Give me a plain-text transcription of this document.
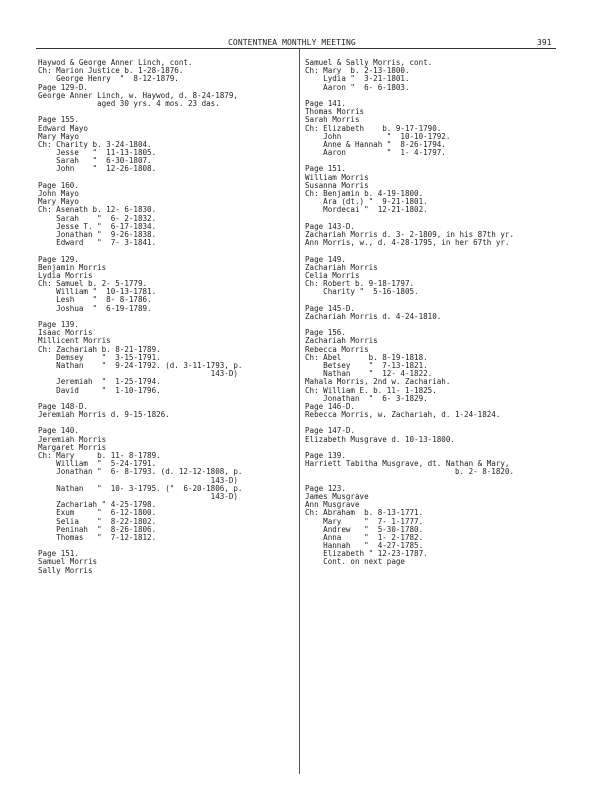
CONTENTNEA MONTHLY MEETING	391
Haywod & George Anner Linch, cont.
Ch: Marion Justice b. 1-28-1876.
George Henry  "  8-12-1879.
Page 129-D.
George Anner Linch, w. Haywod, d. 8-24-1879,
aged 30 yrs. 4 mos. 23 das.
Page 155.
Edward Mayo
Mary Mayo
Ch: Charity b. 3-24-1804.
Jesse   "  11-13-1805.
Sarah   "  6-30-1807.
John    "  12-26-1808.
Page 160.
John Mayo
Mary Mayo
Ch: Asenath b. 12- 6-1830.
Sarah    "  6- 2-1832.
Jesse T. "  6-17-1834.
Jonathan "  9-26-1838.
Edward   "  7- 3-1841.
Page 129.
Benjamin Morris
Lydia Morris
Ch: Samuel b. 2- 5-1779.
William "  10-13-1781.
Lesh    "  8- 8-1786.
Joshua  "  6-19-1789.
Page 139.
Isaac Morris
Millicent Morris
Ch: Zachariah b. 8-21-1789.
Demsey    "  3-15-1791.
Nathan    "  9-24-1792. (d. 3-11-1793, p.
143-D)
Jeremiah  "  1-25-1794.
David     "  1-10-1796.
Page 148-D.
Jeremiah Morris d. 9-15-1826.
Page 140.
Jeremiah Morris
Margaret Morris
Ch: Mary     b. 11- 8-1789.
William  "  5-24-1791.
Jonathan "  6- 8-1793. (d. 12-12-1808, p.
143-D)
Nathan   "  10- 3-1795. ("  6-20-1806, p.
143-D)
Zachariah " 4-25-1798.
Exum     "  6-12-1800.
Selia    "  8-22-1802.
Peninah  "  8-26-1806.
Thomas   "  7-12-1812.
Page 151.
Samuel Morris
Sally Morris
Samuel & Sally Morris, cont.
Ch: Mary  b. 2-13-1800.
Lydia "  3-21-1801.
Aaron "  6- 6-1803.
Page 141.
Thomas Morris
Sarah Morris
Ch: Elizabeth    b. 9-17-1790.
John          "  10-10-1792.
Anne & Hannah "  8-26-1794.
Aaron         "  1- 4-1797.
Page 151.
William Morris
Susanna Morris
Ch: Benjamin b. 4-19-1800.
Ara (dt.) "  9-21-1801.
Mordecai "  12-21-1802.
Page 143-D.
Zachariah Morris d. 3- 2-1809, in his 87th yr.
Ann Morris, w., d. 4-28-1795, in her 67th yr.
Page 149.
Zachariah Morris
Celia Morris
Ch: Robert b. 9-18-1797.
Charity "  5-16-1805.
Page 145-D.
Zachariah Morris d. 4-24-1810.
Page 156.
Zachariah Morris
Rebecca Morris
Ch: Abel      b. 8-19-1818.
Betsey    "  7-13-1821.
Nathan    "  12- 4-1822.
Mahala Morris, 2nd w. Zachariah.
Ch: William E. b. 11- 1-1825.
Jonathan  "  6- 3-1829.
Page 146-D.
Rebecca Morris, w. Zachariah, d. 1-24-1824.
Page 147-D.
Elizabeth Musgrave d. 10-13-1800.
Page 139.
Harriett Tabitha Musgrave, dt. Nathan & Mary,
b. 2- 8-1820.
Page 123.
James Musgrave
Ann Musgrave
Ch: Abraham  b. 8-13-1771.
Mary     "  7- 1-1777.
Andrew   "  5-30-1780.
Anna     "  1- 2-1782.
Hannah   "  4-27-1785.
Elizabeth " 12-23-1787.
Cont. on next page
